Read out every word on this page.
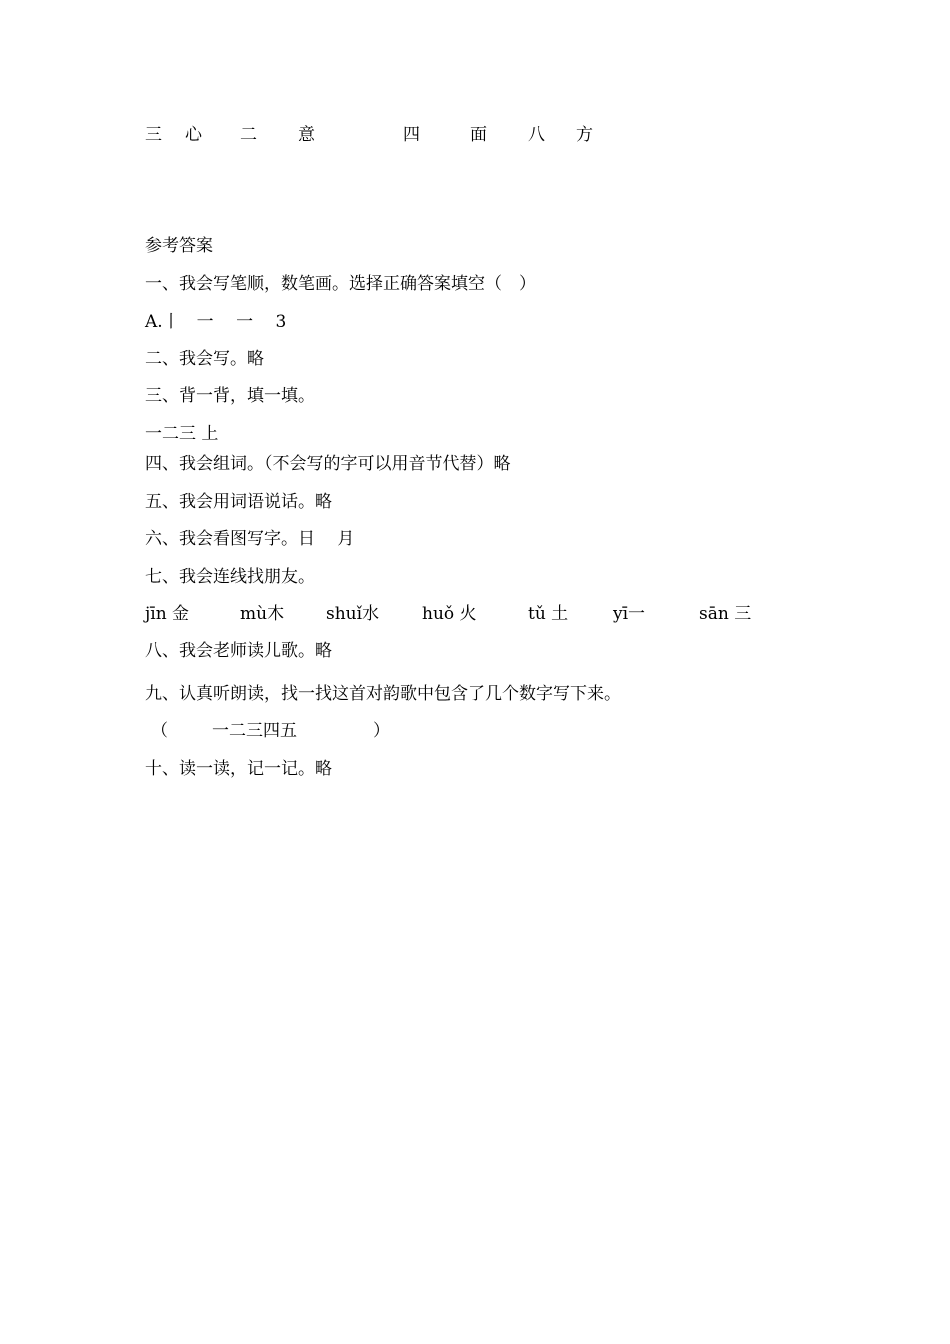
三 心 二 意	四	面 八 方
参考答案
一、我会写笔顺，数笔画。选择正确答案填空（　）
A.丨　一　 一 　3
二、我会写。略
三、背一背，填一填。
一二三 上
四、我会组词。（不会写的字可以用音节代替）略
五、我会用词语说话。略
六、我会看图写字。日　 月
七、我会连线找朋友。
jīn 金	mù木 shuǐ水	huǒ 火	tǔ 土	yī一	sān 三
八、我会老师读儿歌。略
九、认真听朗读，找一找这首对韵歌中包含了几个数字写下来。
（	一二三四五	）
十、读一读，记一记。略
